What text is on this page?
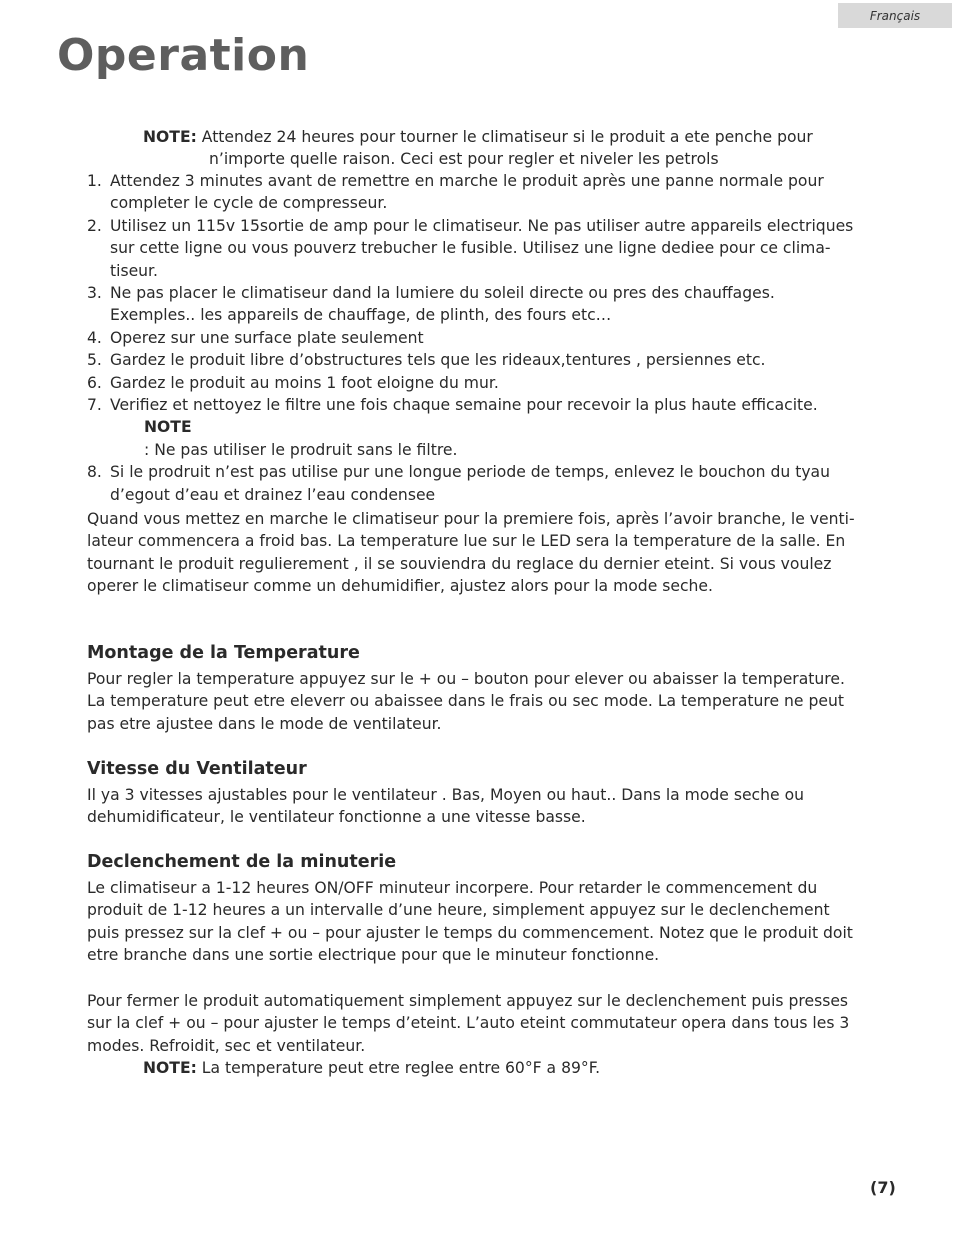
Français
Operation
NOTE: Attendez 24 heures pour tourner le climatiseur si le produit a ete penche pour
n’importe quelle raison. Ceci est pour regler et niveler les petrols
1. Attendez 3 minutes avant de remettre en marche le produit après une panne normale pour
completer le cycle de compresseur.
2. Utilisez un 115v 15sortie de amp pour le climatiseur. Ne pas utiliser autre appareils electriques
sur cette ligne ou vous pouverz trebucher le fusible. Utilisez une ligne dediee pour ce clima-
tiseur.
3. Ne pas placer le climatiseur dand la lumiere du soleil directe ou pres des chauffages.
Exemples.. les appareils de chauffage, de plinth, des fours etc…
4. Operez sur une surface plate seulement
5. Gardez le produit libre d’obstructures tels que les rideaux,tentures , persiennes etc.
6. Gardez le produit au moins 1 foot eloigne du mur.
7. Verifiez et nettoyez le filtre une fois chaque semaine pour recevoir la plus haute efficacite.
NOTE
: Ne pas utiliser le prodruit sans le filtre.
8. Si le prodruit n’est pas utilise pur une longue periode de temps, enlevez le bouchon du tyau
d’egout d’eau et drainez l’eau condensee
Quand vous mettez en marche le climatiseur pour la premiere fois, après l’avoir branche, le venti-
lateur commencera a froid bas. La temperature lue sur le LED sera la temperature de la salle. En
tournant le produit regulierement , il se souviendra du reglace du dernier eteint. Si vous voulez
operer le climatiseur comme un dehumidifier, ajustez alors pour la mode seche.
Montage de la Temperature
Pour regler la temperature appuyez sur le + ou – bouton pour elever ou abaisser la temperature.
La temperature peut etre eleverr ou abaissee dans le frais ou sec mode. La temperature ne peut
pas etre ajustee dans le mode de ventilateur.
Vitesse du Ventilateur
Il ya 3 vitesses ajustables pour le ventilateur . Bas, Moyen ou haut.. Dans la mode seche ou
dehumidificateur, le ventilateur fonctionne a une vitesse basse.
Declenchement de la minuterie
Le climatiseur a 1-12 heures ON/OFF minuteur incorpere. Pour retarder le commencement du
produit de 1-12 heures a un intervalle d’une heure, simplement appuyez sur le declenchement
puis pressez sur la clef + ou – pour ajuster le temps du commencement. Notez que le produit doit
etre branche dans une sortie electrique pour que le minuteur fonctionne.
Pour fermer le produit automatiquement simplement appuyez sur le declenchement puis presses
sur la clef + ou – pour ajuster le temps d’eteint. L’auto eteint commutateur opera dans tous les 3
modes. Refroidit, sec et ventilateur.
NOTE: La temperature peut etre reglee entre 60°F a 89°F.
(7)
